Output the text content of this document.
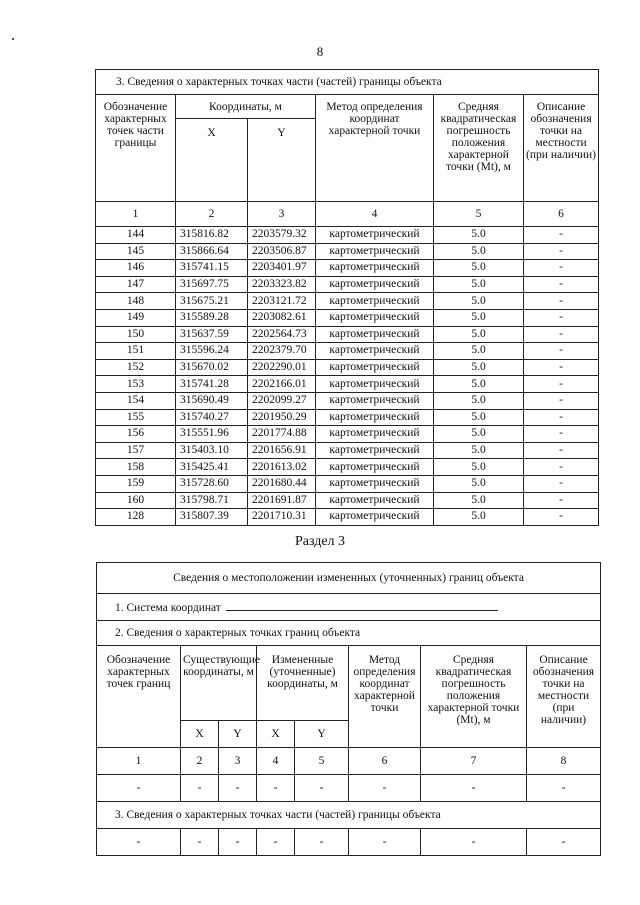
8
3. Сведения о характерных точках части (частей) границы объекта					
Обозначение характерных точек части границы	Координаты, м		Метод определения координат характерной точки	Средняя квадратическая погрешность положения характерной точки (Mt), м	Описание обозначения точки на местности (при наличии)
	X	Y			
1	2	3	4	5	6
144	315816.82	2203579.32	картометрический	5.0	-
145	315866.64	2203506.87	картометрический	5.0	-
146	315741.15	2203401.97	картометрический	5.0	-
147	315697.75	2203323.82	картометрический	5.0	-
148	315675.21	2203121.72	картометрический	5.0	-
149	315589.28	2203082.61	картометрический	5.0	-
150	315637.59	2202564.73	картометрический	5.0	-
151	315596.24	2202379.70	картометрический	5.0	-
152	315670.02	2202290.01	картометрический	5.0	-
153	315741.28	2202166.01	картометрический	5.0	-
154	315690.49	2202099.27	картометрический	5.0	-
155	315740.27	2201950.29	картометрический	5.0	-
156	315551.96	2201774.88	картометрический	5.0	-
157	315403.10	2201656.91	картометрический	5.0	-
158	315425.41	2201613.02	картометрический	5.0	-
159	315728.60	2201680.44	картометрический	5.0	-
160	315798.71	2201691.87	картометрический	5.0	-
128	315807.39	2201710.31	картометрический	5.0	-
Раздел 3
Сведения о местоположении измененных (уточненных) границ объекта							
1. Система координат							
2. Сведения о характерных точках границ объекта							
Обозначение характерных точек границ	Существующие координаты, м		Измененные (уточненные) координаты, м		Метод определения координат характерной точки	Средняя квадратическая погрешность положения характерной точки (Mt), м	Описание обозначения точки на местности (при наличии)
	X	Y	X	Y			
1	2	3	4	5	6	7	8
-	-	-	-	-	-	-	-
3. Сведения о характерных точках части (частей) границы объекта							
-	-	-	-	-	-	-	-
